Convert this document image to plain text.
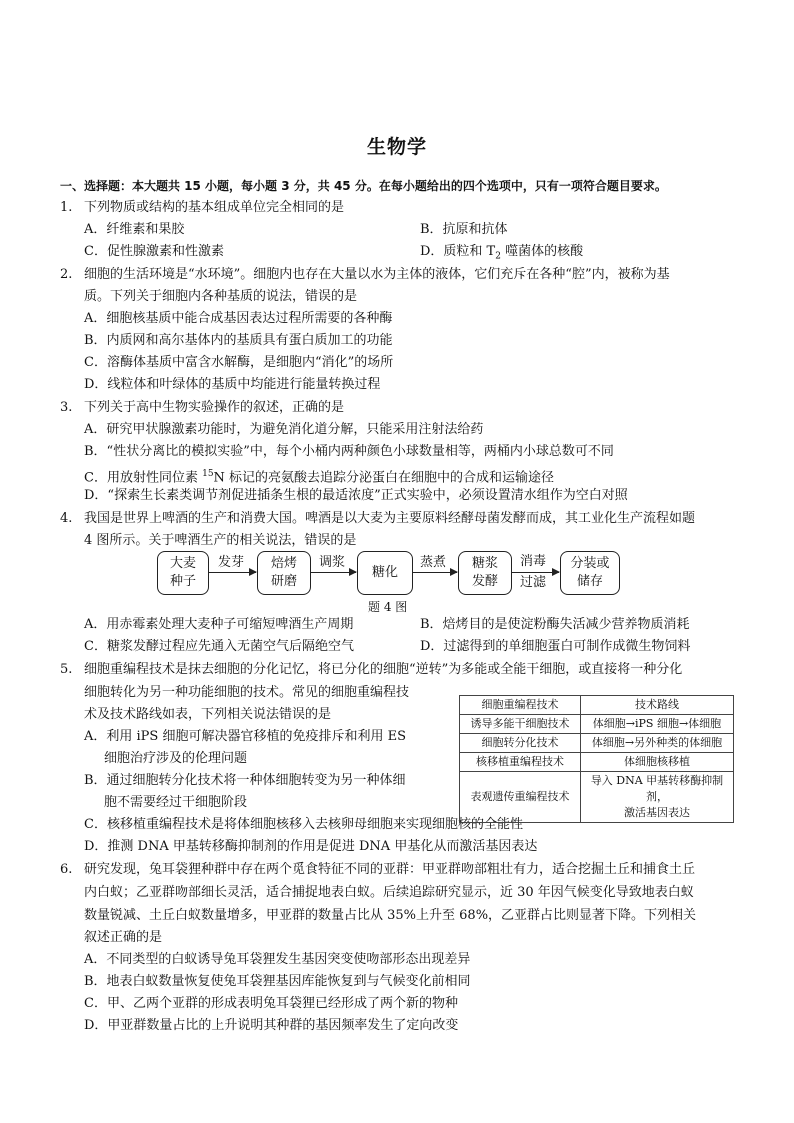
生物学
一、选择题：本大题共 15 小题，每小题 3 分，共 45 分。在每小题给出的四个选项中，只有一项符合题目要求。
1. 下列物质或结构的基本组成单位完全相同的是
A．纤维素和果胶	B．抗原和抗体
C．促性腺激素和性激素	D．质粒和 $T_2$ 噬菌体的核酸
2. 细胞的生活环境是“水环境”。细胞内也存在大量以水为主体的液体，它们充斥在各种“腔”内，被称为基
质。下列关于细胞内各种基质的说法，错误的是
A．细胞核基质中能合成基因表达过程所需要的各种酶
B．内质网和高尔基体内的基质具有蛋白质加工的功能
C．溶酶体基质中富含水解酶，是细胞内“消化”的场所
D．线粒体和叶绿体的基质中均能进行能量转换过程
3. 下列关于高中生物实验操作的叙述，正确的是
A．研究甲状腺激素功能时，为避免消化道分解，只能采用注射法给药
B．“性状分离比的模拟实验”中，每个小桶内两种颜色小球数量相等，两桶内小球总数可不同
C．用放射性同位素 $^{15}$N 标记的亮氨酸去追踪分泌蛋白在细胞中的合成和运输途径
D．“探索生长素类调节剂促进插条生根的最适浓度”正式实验中，必须设置清水组作为空白对照
4. 我国是世界上啤酒的生产和消费大国。啤酒是以大麦为主要原料经酵母菌发酵而成，其工业化生产流程如题
4 图所示。关于啤酒生产的相关说法，错误的是
大麦
种子
发芽 焙烤
研磨
调浆
糖化
蒸煮 糖浆
发酵
消毒
过滤
分装或
储存
题 4 图
A．用赤霉素处理大麦种子可缩短啤酒生产周期	B．焙烤目的是使淀粉酶失活减少营养物质消耗
C．糖浆发酵过程应先通入无菌空气后隔绝空气	D．过滤得到的单细胞蛋白可制作成微生物饲料
5. 细胞重编程技术是抹去细胞的分化记忆，将已分化的细胞“逆转”为多能或全能干细胞，或直接将一种分化
细胞转化为另一种功能细胞的技术。常见的细胞重编程技
术及技术路线如表，下列相关说法错误的是
A．利用 iPS 细胞可解决器官移植的免疫排斥和利用 ES
细胞治疗涉及的伦理问题
B．通过细胞转分化技术将一种体细胞转变为另一种体细
胞不需要经过干细胞阶段
C．核移植重编程技术是将体细胞核移入去核卵母细胞来实现细胞核的全能性
D．推测 DNA 甲基转移酶抑制剂的作用是促进 DNA 甲基化从而激活基因表达
细胞重编程技术	技术路线
诱导多能干细胞技术	体细胞→iPS 细胞→体细胞
细胞转分化技术	体细胞→另外种类的体细胞
核移植重编程技术	体细胞核移植
表观遗传重编程技术	导入 DNA 甲基转移酶抑制剂，
激活基因表达
6. 研究发现，兔耳袋狸种群中存在两个觅食特征不同的亚群：甲亚群吻部粗壮有力，适合挖掘土丘和捕食土丘
内白蚁；乙亚群吻部细长灵活，适合捕捉地表白蚁。后续追踪研究显示，近 30 年因气候变化导致地表白蚁
数量锐减、土丘白蚁数量增多，甲亚群的数量占比从 35%上升至 68%，乙亚群占比则显著下降。下列相关
叙述正确的是
A．不同类型的白蚁诱导兔耳袋狸发生基因突变使吻部形态出现差异
B．地表白蚁数量恢复使兔耳袋狸基因库能恢复到与气候变化前相同
C．甲、乙两个亚群的形成表明兔耳袋狸已经形成了两个新的物种
D．甲亚群数量占比的上升说明其种群的基因频率发生了定向改变
